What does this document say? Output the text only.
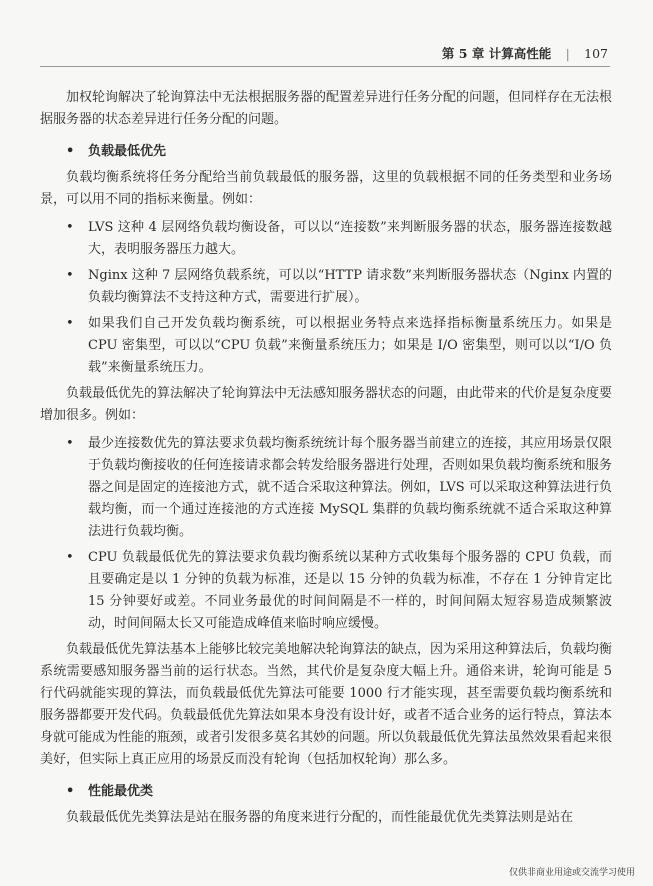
第 5 章 计算高性能 | 107

加权轮询解决了轮询算法中无法根据服务器的配置差异进行任务分配的问题，但同样存在无法根据服务器的状态差异进行任务分配的问题。

• 负载最低优先

负载均衡系统将任务分配给当前负载最低的服务器，这里的负载根据不同的任务类型和业务场景，可以用不同的指标来衡量。例如：

•	LVS 这种 4 层网络负载均衡设备，可以以“连接数”来判断服务器的状态，服务器连接数越大，表明服务器压力越大。
•	Nginx 这种 7 层网络负载系统，可以以“HTTP 请求数”来判断服务器状态（Nginx 内置的负载均衡算法不支持这种方式，需要进行扩展）。
•	如果我们自己开发负载均衡系统，可以根据业务特点来选择指标衡量系统压力。如果是 CPU 密集型，可以以“CPU 负载”来衡量系统压力；如果是 I/O 密集型，则可以以“I/O 负载”来衡量系统压力。

负载最低优先的算法解决了轮询算法中无法感知服务器状态的问题，由此带来的代价是复杂度要增加很多。例如：

•	最少连接数优先的算法要求负载均衡系统统计每个服务器当前建立的连接，其应用场景仅限于负载均衡接收的任何连接请求都会转发给服务器进行处理，否则如果负载均衡系统和服务器之间是固定的连接池方式，就不适合采取这种算法。例如，LVS 可以采取这种算法进行负载均衡，而一个通过连接池的方式连接 MySQL 集群的负载均衡系统就不适合采取这种算法进行负载均衡。
•	CPU 负载最低优先的算法要求负载均衡系统以某种方式收集每个服务器的 CPU 负载，而且要确定是以 1 分钟的负载为标准，还是以 15 分钟的负载为标准，不存在 1 分钟肯定比 15 分钟要好或差。不同业务最优的时间间隔是不一样的，时间间隔太短容易造成频繁波动，时间间隔太长又可能造成峰值来临时响应缓慢。

负载最低优先算法基本上能够比较完美地解决轮询算法的缺点，因为采用这种算法后，负载均衡系统需要感知服务器当前的运行状态。当然，其代价是复杂度大幅上升。通俗来讲，轮询可能是 5 行代码就能实现的算法，而负载最低优先算法可能要 1000 行才能实现，甚至需要负载均衡系统和服务器都要开发代码。负载最低优先算法如果本身没有设计好，或者不适合业务的运行特点，算法本身就可能成为性能的瓶颈，或者引发很多莫名其妙的问题。所以负载最低优先算法虽然效果看起来很美好，但实际上真正应用的场景反而没有轮询（包括加权轮询）那么多。

• 性能最优类

负载最低优先类算法是站在服务器的角度来进行分配的，而性能最优优先类算法则是站在

仅供非商业用途或交流学习使用
